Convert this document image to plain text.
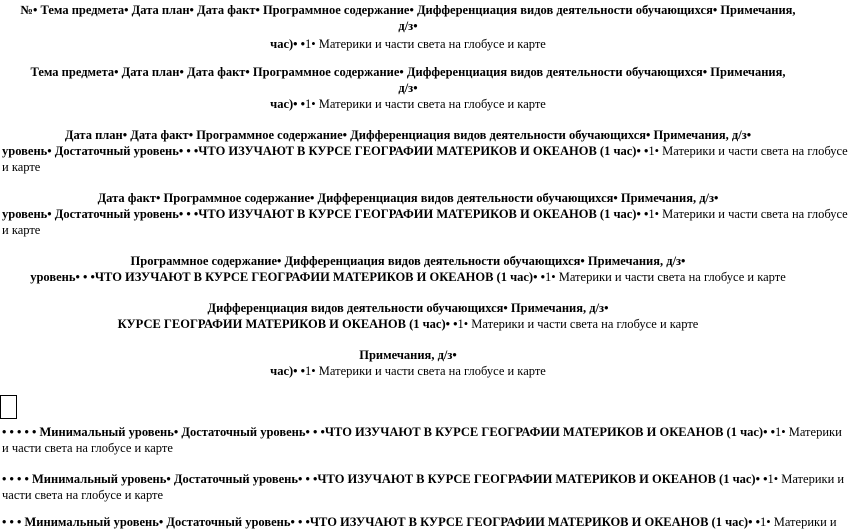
№• Тема предмета• Дата план• Дата факт• Программное содержание• Дифференциация видов деятельности обучающихся• Примечания,
д/з•
час)• •1• Материки и части света на глобусе и карте
Тема предмета• Дата план• Дата факт• Программное содержание• Дифференциация видов деятельности обучающихся• Примечания,
д/з•
час)• •1• Материки и части света на глобусе и карте
Дата план• Дата факт• Программное содержание• Дифференциация видов деятельности обучающихся• Примечания, д/з•
уровень• Достаточный уровень• • •ЧТО ИЗУЧАЮТ В КУРСЕ ГЕОГРАФИИ МАТЕРИКОВ И ОКЕАНОВ (1 час)• •1• Материки и части света на глобусе
и карте
Дата факт• Программное содержание• Дифференциация видов деятельности обучающихся• Примечания, д/з•
уровень• Достаточный уровень• • •ЧТО ИЗУЧАЮТ В КУРСЕ ГЕОГРАФИИ МАТЕРИКОВ И ОКЕАНОВ (1 час)• •1• Материки и части света на глобусе
и карте
Программное содержание• Дифференциация видов деятельности обучающихся• Примечания, д/з•
уровень• • •ЧТО ИЗУЧАЮТ В КУРСЕ ГЕОГРАФИИ МАТЕРИКОВ И ОКЕАНОВ (1 час)• •1• Материки и части света на глобусе и карте
Дифференциация видов деятельности обучающихся• Примечания, д/з•
КУРСЕ ГЕОГРАФИИ МАТЕРИКОВ И ОКЕАНОВ (1 час)• •1• Материки и части света на глобусе и карте
Примечания, д/з•
час)• •1• Материки и части света на глобусе и карте
• • • • • Минимальный уровень• Достаточный уровень• • •ЧТО ИЗУЧАЮТ В КУРСЕ ГЕОГРАФИИ МАТЕРИКОВ И ОКЕАНОВ (1 час)• •1• Материки
и части света на глобусе и карте
• • • • Минимальный уровень• Достаточный уровень• • •ЧТО ИЗУЧАЮТ В КУРСЕ ГЕОГРАФИИ МАТЕРИКОВ И ОКЕАНОВ (1 час)• •1• Материки и
части света на глобусе и карте
• • • Минимальный уровень• Достаточный уровень• • •ЧТО ИЗУЧАЮТ В КУРСЕ ГЕОГРАФИИ МАТЕРИКОВ И ОКЕАНОВ (1 час)• •1• Материки и
